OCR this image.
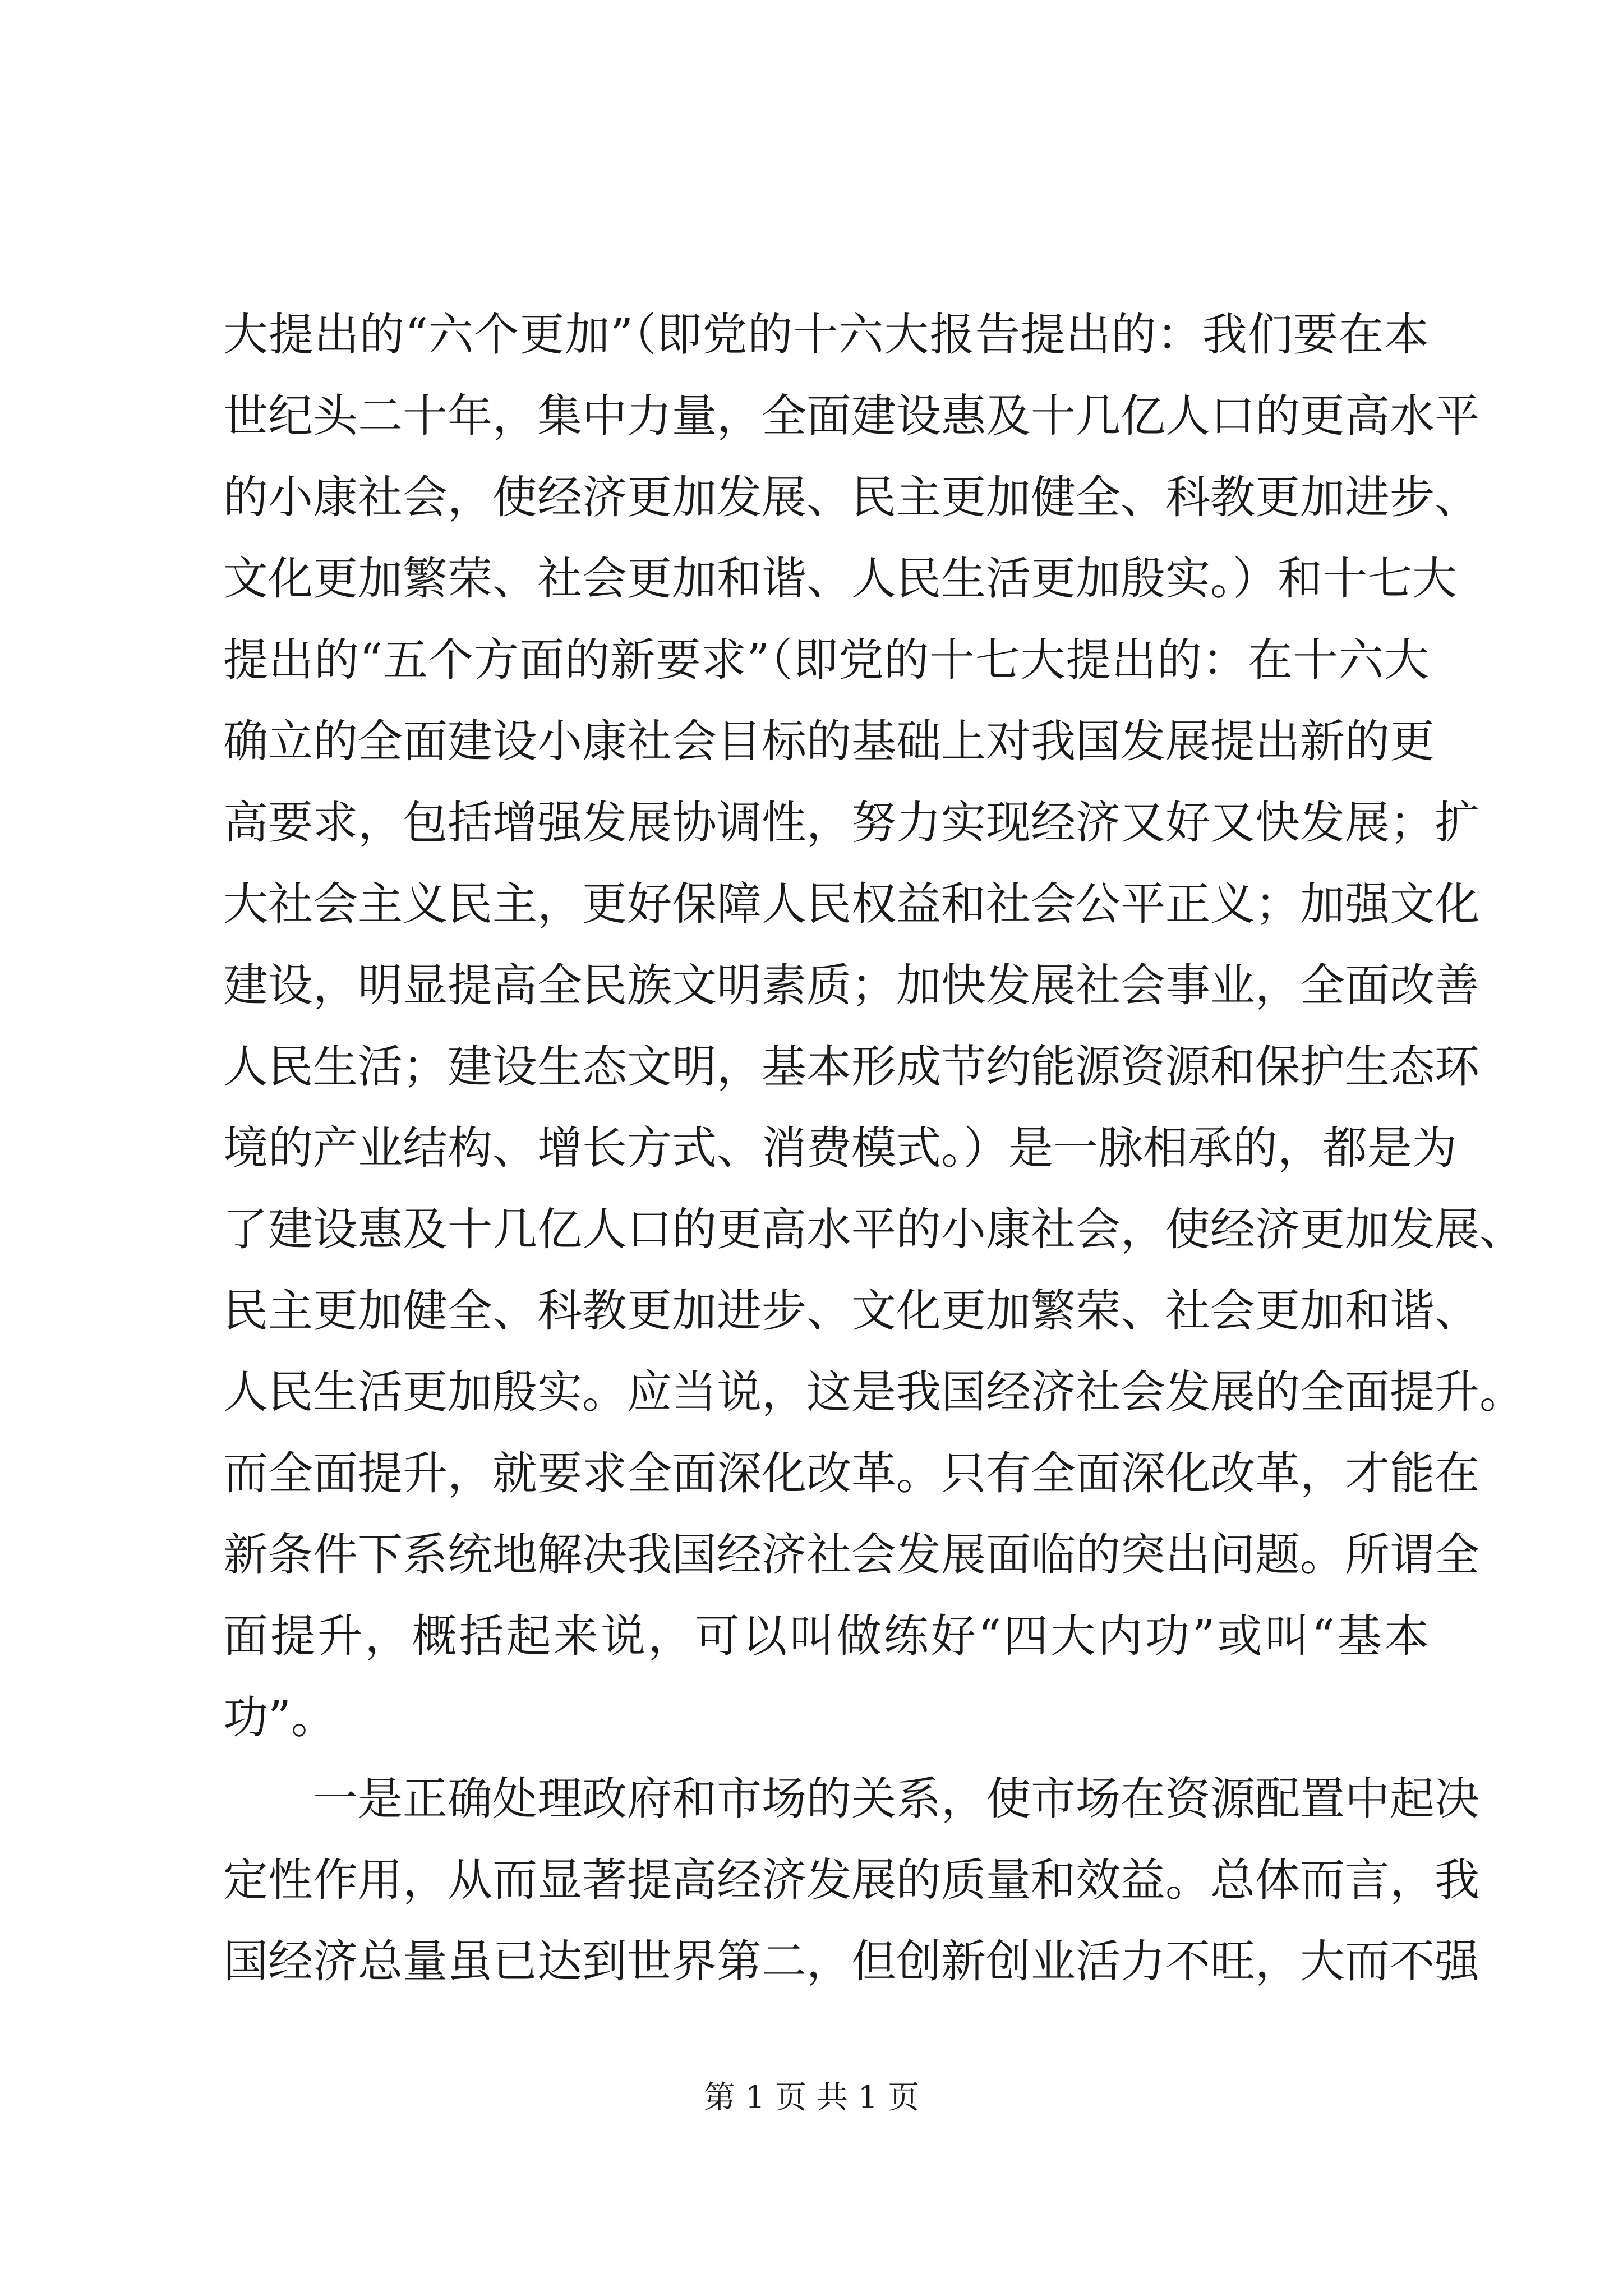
大提出的“六个更加”（即党的十六大报告提出的：我们要在本
世纪头二十年，集中力量，全面建设惠及十几亿人口的更高水平
的小康社会，使经济更加发展、民主更加健全、科教更加进步、
文化更加繁荣、社会更加和谐、人民生活更加殷实。）和十七大
提出的“五个方面的新要求”（即党的十七大提出的：在十六大
确立的全面建设小康社会目标的基础上对我国发展提出新的更
高要求，包括增强发展协调性，努力实现经济又好又快发展；扩
大社会主义民主，更好保障人民权益和社会公平正义；加强文化
建设，明显提高全民族文明素质；加快发展社会事业，全面改善
人民生活；建设生态文明，基本形成节约能源资源和保护生态环
境的产业结构、增长方式、消费模式。）是一脉相承的，都是为
了建设惠及十几亿人口的更高水平的小康社会，使经济更加发展、
民主更加健全、科教更加进步、文化更加繁荣、社会更加和谐、
人民生活更加殷实。应当说，这是我国经济社会发展的全面提升。
而全面提升，就要求全面深化改革。只有全面深化改革，才能在
新条件下系统地解决我国经济社会发展面临的突出问题。所谓全
面提升，概括起来说，可以叫做练好“四大内功”或叫“基本
功”。
一是正确处理政府和市场的关系，使市场在资源配置中起决
定性作用，从而显著提高经济发展的质量和效益。总体而言，我
国经济总量虽已达到世界第二，但创新创业活力不旺，大而不强
第 1 页 共 1 页
